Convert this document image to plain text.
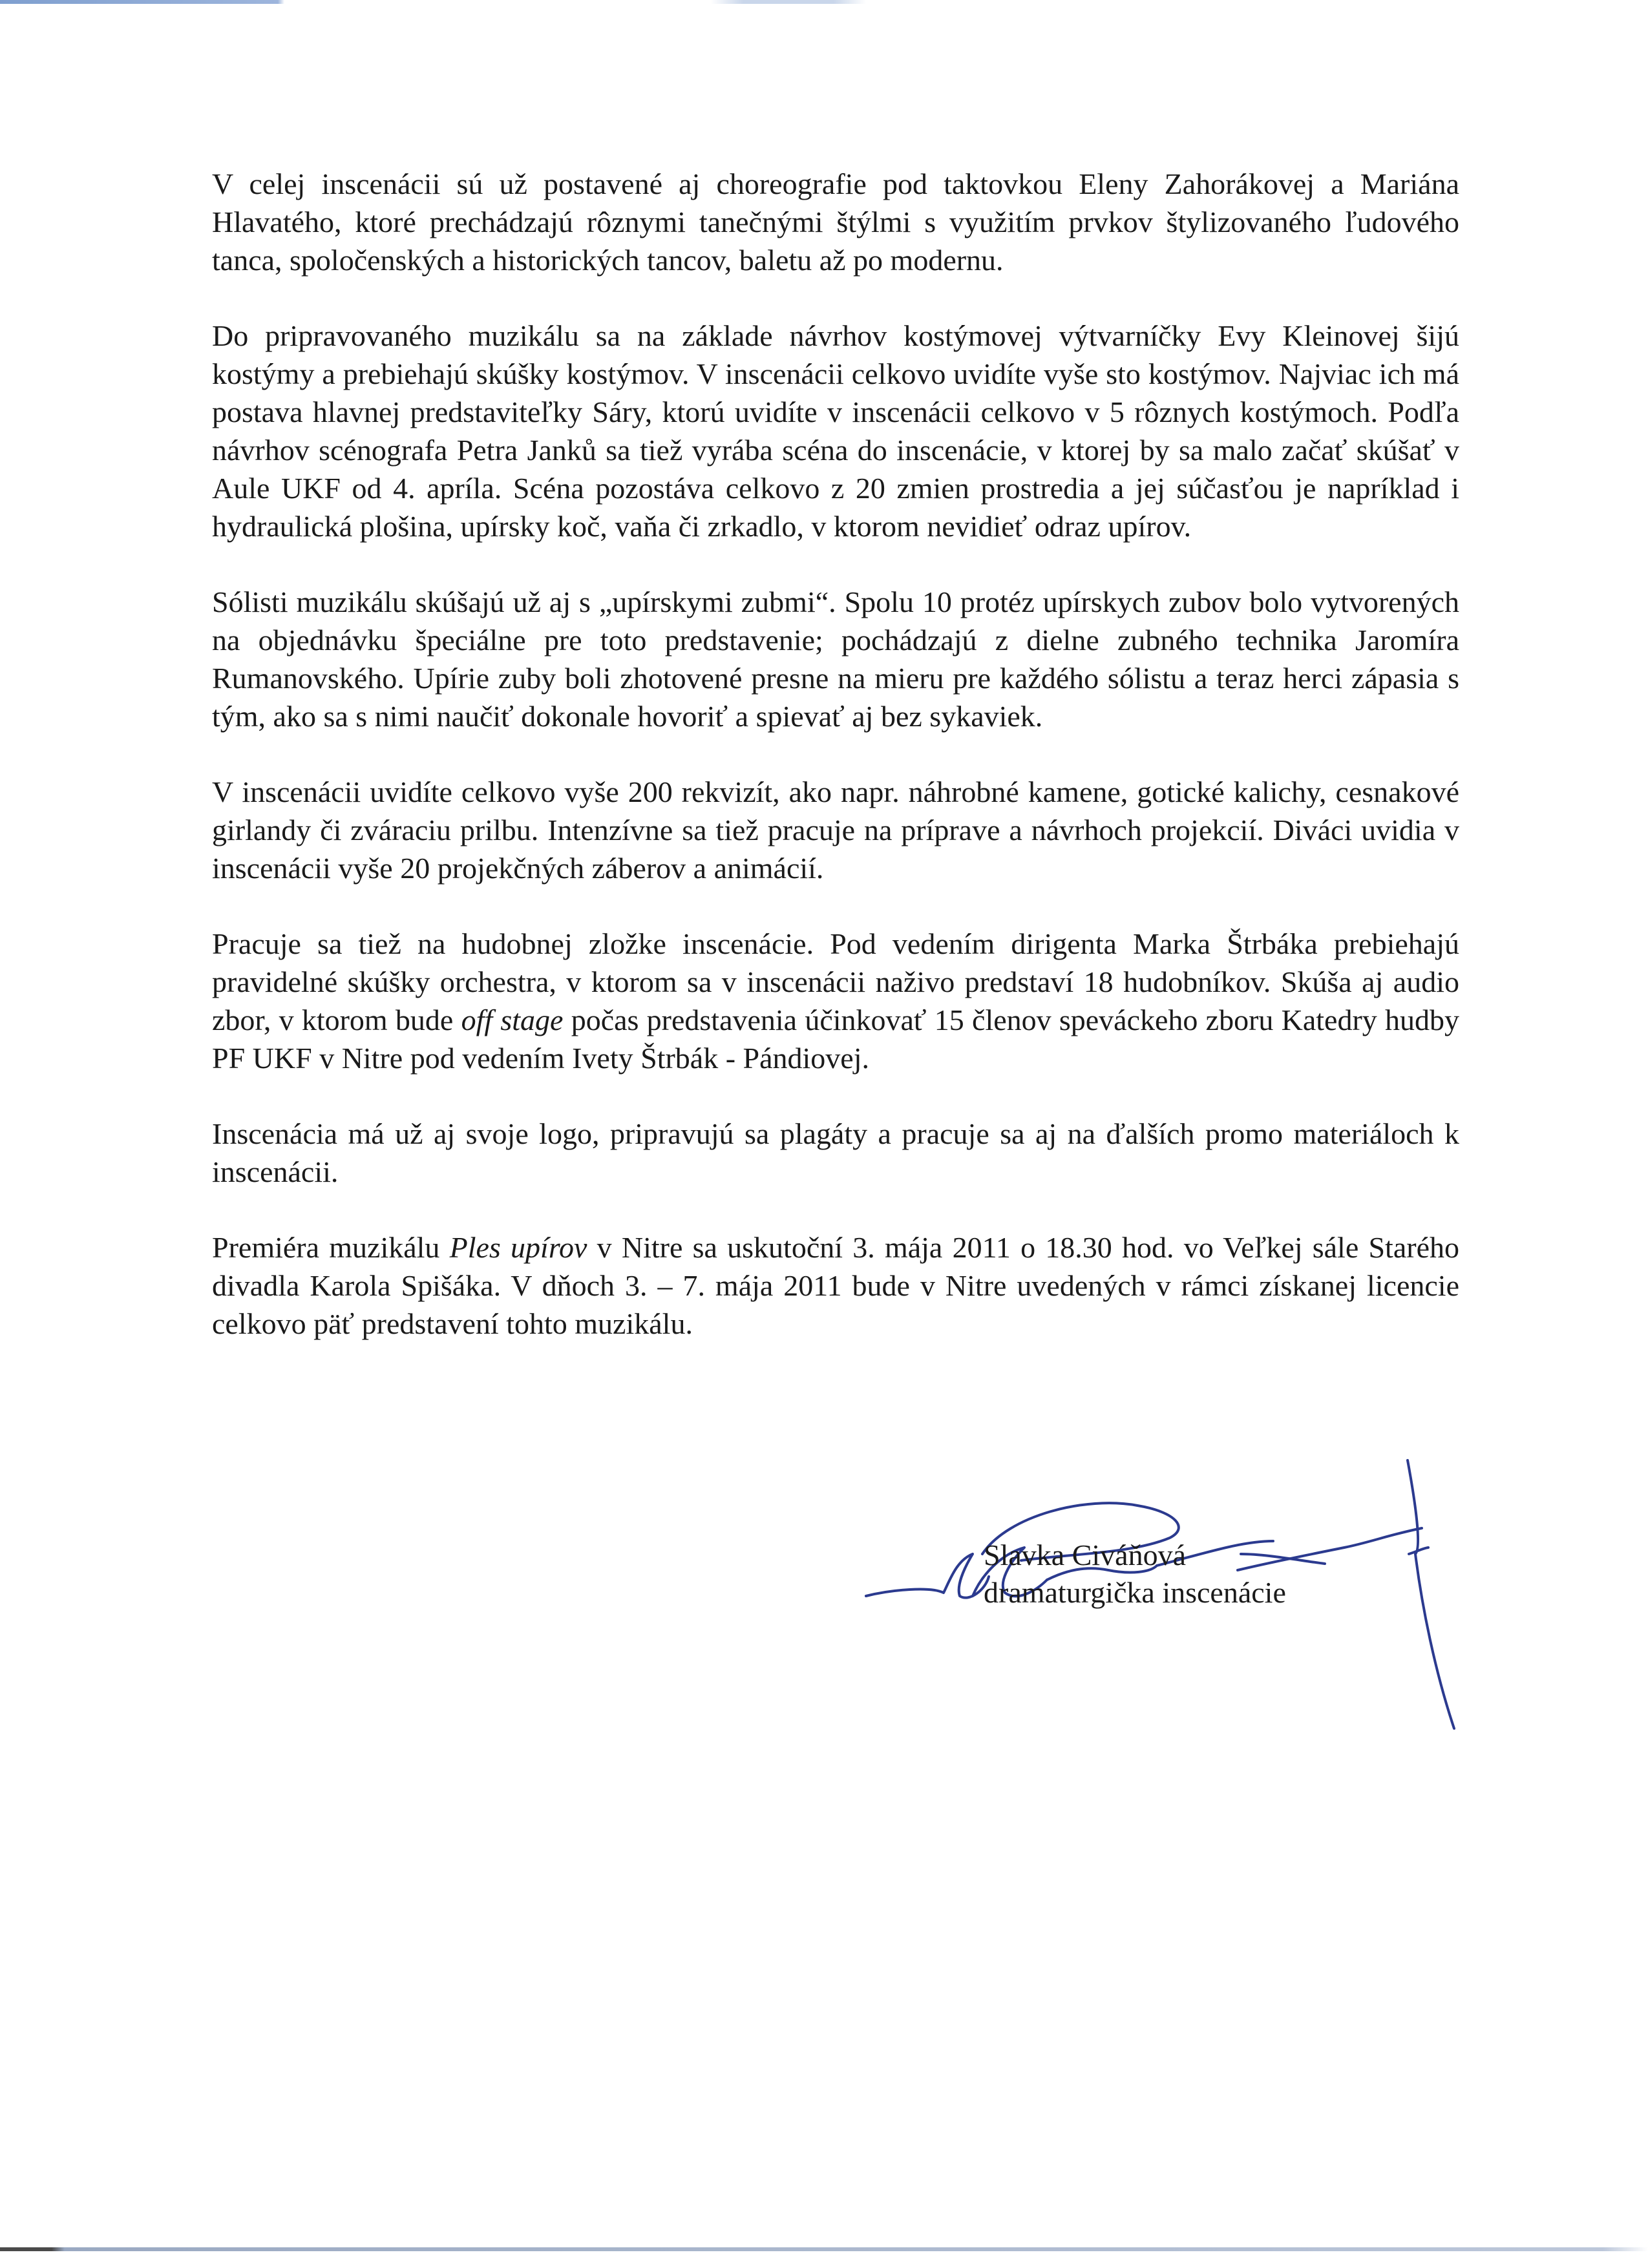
V celej inscenácii sú už postavené aj choreografie pod taktovkou Eleny Zahorákovej a Mariána Hlavatého, ktoré prechádzajú rôznymi tanečnými štýlmi s využitím prvkov štylizovaného ľudového tanca, spoločenských a historických tancov, baletu až po modernu.

Do pripravovaného muzikálu sa na základe návrhov kostýmovej výtvarníčky Evy Kleinovej šijú kostýmy a prebiehajú skúšky kostýmov. V inscenácii celkovo uvidíte vyše sto kostýmov. Najviac ich má postava hlavnej predstaviteľky Sáry, ktorú uvidíte v inscenácii celkovo v 5 rôznych kostýmoch. Podľa návrhov scénografa Petra Janků sa tiež vyrába scéna do inscenácie, v ktorej by sa malo začať skúšať v Aule UKF od 4. apríla. Scéna pozostáva celkovo z 20 zmien prostredia a jej súčasťou je napríklad i hydraulická plošina, upírsky koč, vaňa či zrkadlo, v ktorom nevidieť odraz upírov.

Sólisti muzikálu skúšajú už aj s „upírskymi zubmi“. Spolu 10 protéz upírskych zubov bolo vytvorených na objednávku špeciálne pre toto predstavenie; pochádzajú z dielne zubného technika Jaromíra Rumanovského. Upírie zuby boli zhotovené presne na mieru pre každého sólistu a teraz herci zápasia s tým, ako sa s nimi naučiť dokonale hovoriť a spievať aj bez sykaviek.

V inscenácii uvidíte celkovo vyše 200 rekvizít, ako napr. náhrobné kamene, gotické kalichy, cesnakové girlandy či zváraciu prilbu. Intenzívne sa tiež pracuje na príprave a návrhoch projekcií. Diváci uvidia v inscenácii vyše 20 projekčných záberov a animácií.

Pracuje sa tiež na hudobnej zložke inscenácie. Pod vedením dirigenta Marka Štrbáka prebiehajú pravidelné skúšky orchestra, v ktorom sa v inscenácii naživo predstaví 18 hudobníkov. Skúša aj audio zbor, v ktorom bude off stage počas predstavenia účinkovať 15 členov speváckeho zboru Katedry hudby PF UKF v Nitre pod vedením Ivety Štrbák - Pándiovej.

Inscenácia má už aj svoje logo, pripravujú sa plagáty a pracuje sa aj na ďalších promo materiáloch k inscenácii.

Premiéra muzikálu Ples upírov v Nitre sa uskutoční 3. mája 2011 o 18.30 hod. vo Veľkej sále Starého divadla Karola Spišáka. V dňoch 3. – 7. mája 2011 bude v Nitre uvedených v rámci získanej licencie celkovo päť predstavení tohto muzikálu.

Slavka Civáňová
dramaturgička inscenácie
